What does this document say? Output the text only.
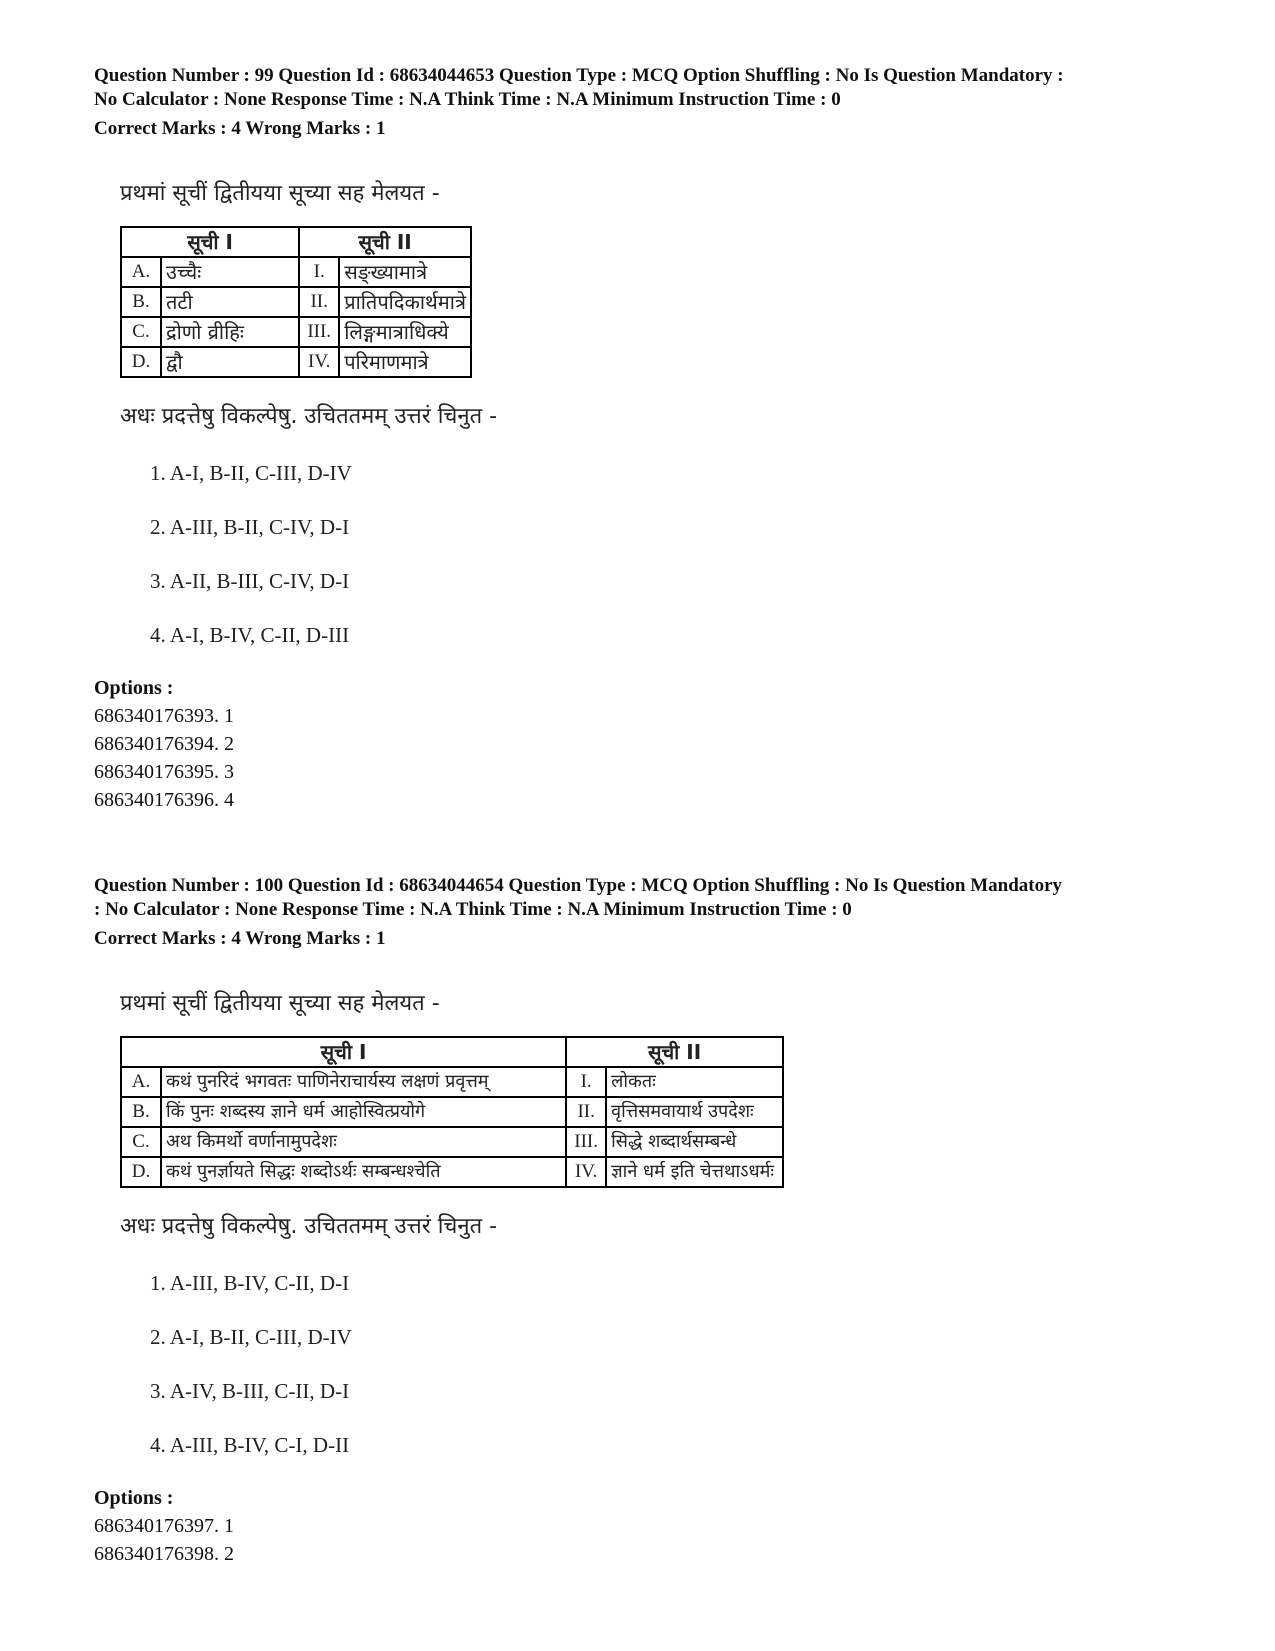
Question Number : 99 Question Id : 68634044653 Question Type : MCQ Option Shuffling : No Is Question Mandatory :

No Calculator : None Response Time : N.A Think Time : N.A Minimum Instruction Time : 0

Correct Marks : 4 Wrong Marks : 1
प्रथमां सूचीं द्वितीयया सूच्या सह मेलयत -
सूची I		सूची II	
A.	उच्चैः	I.	सङ्ख्यामात्रे
B.	तटी	II.	प्रातिपदिकार्थमात्रे
C.	द्रोणो व्रीहिः	III.	लिङ्गमात्राधिक्ये
D.	द्वौ	IV.	परिमाणमात्रे
अधः प्रदत्तेषु विकल्पेषु. उचिततमम् उत्तरं चिनुत -
1. A-I, B-II, C-III, D-IV
2. A-III, B-II, C-IV, D-I
3. A-II, B-III, C-IV, D-I
4. A-I, B-IV, C-II, D-III
Options :
686340176393. 1
686340176394. 2
686340176395. 3
686340176396. 4

Question Number : 100 Question Id : 68634044654 Question Type : MCQ Option Shuffling : No Is Question Mandatory

: No Calculator : None Response Time : N.A Think Time : N.A Minimum Instruction Time : 0

Correct Marks : 4 Wrong Marks : 1
प्रथमां सूचीं द्वितीयया सूच्या सह मेलयत -
सूची I		सूची II	
A.	कथं पुनरिदं भगवतः पाणिनेराचार्यस्य लक्षणं प्रवृत्तम्	I.	लोकतः
B.	किं पुनः शब्दस्य ज्ञाने धर्म आहोस्वित्प्रयोगे	II.	वृत्तिसमवायार्थ उपदेशः
C.	अथ किमर्थो वर्णानामुपदेशः	III.	सिद्धे शब्दार्थसम्बन्धे
D.	कथं पुनर्ज्ञायते सिद्धः शब्दोऽर्थः सम्बन्धश्चेति	IV.	ज्ञाने धर्म इति चेत्तथाऽधर्मः
अधः प्रदत्तेषु विकल्पेषु. उचिततमम् उत्तरं चिनुत -
1. A-III, B-IV, C-II, D-I
2. A-I, B-II, C-III, D-IV
3. A-IV, B-III, C-II, D-I
4. A-III, B-IV, C-I, D-II
Options :
686340176397. 1
686340176398. 2
